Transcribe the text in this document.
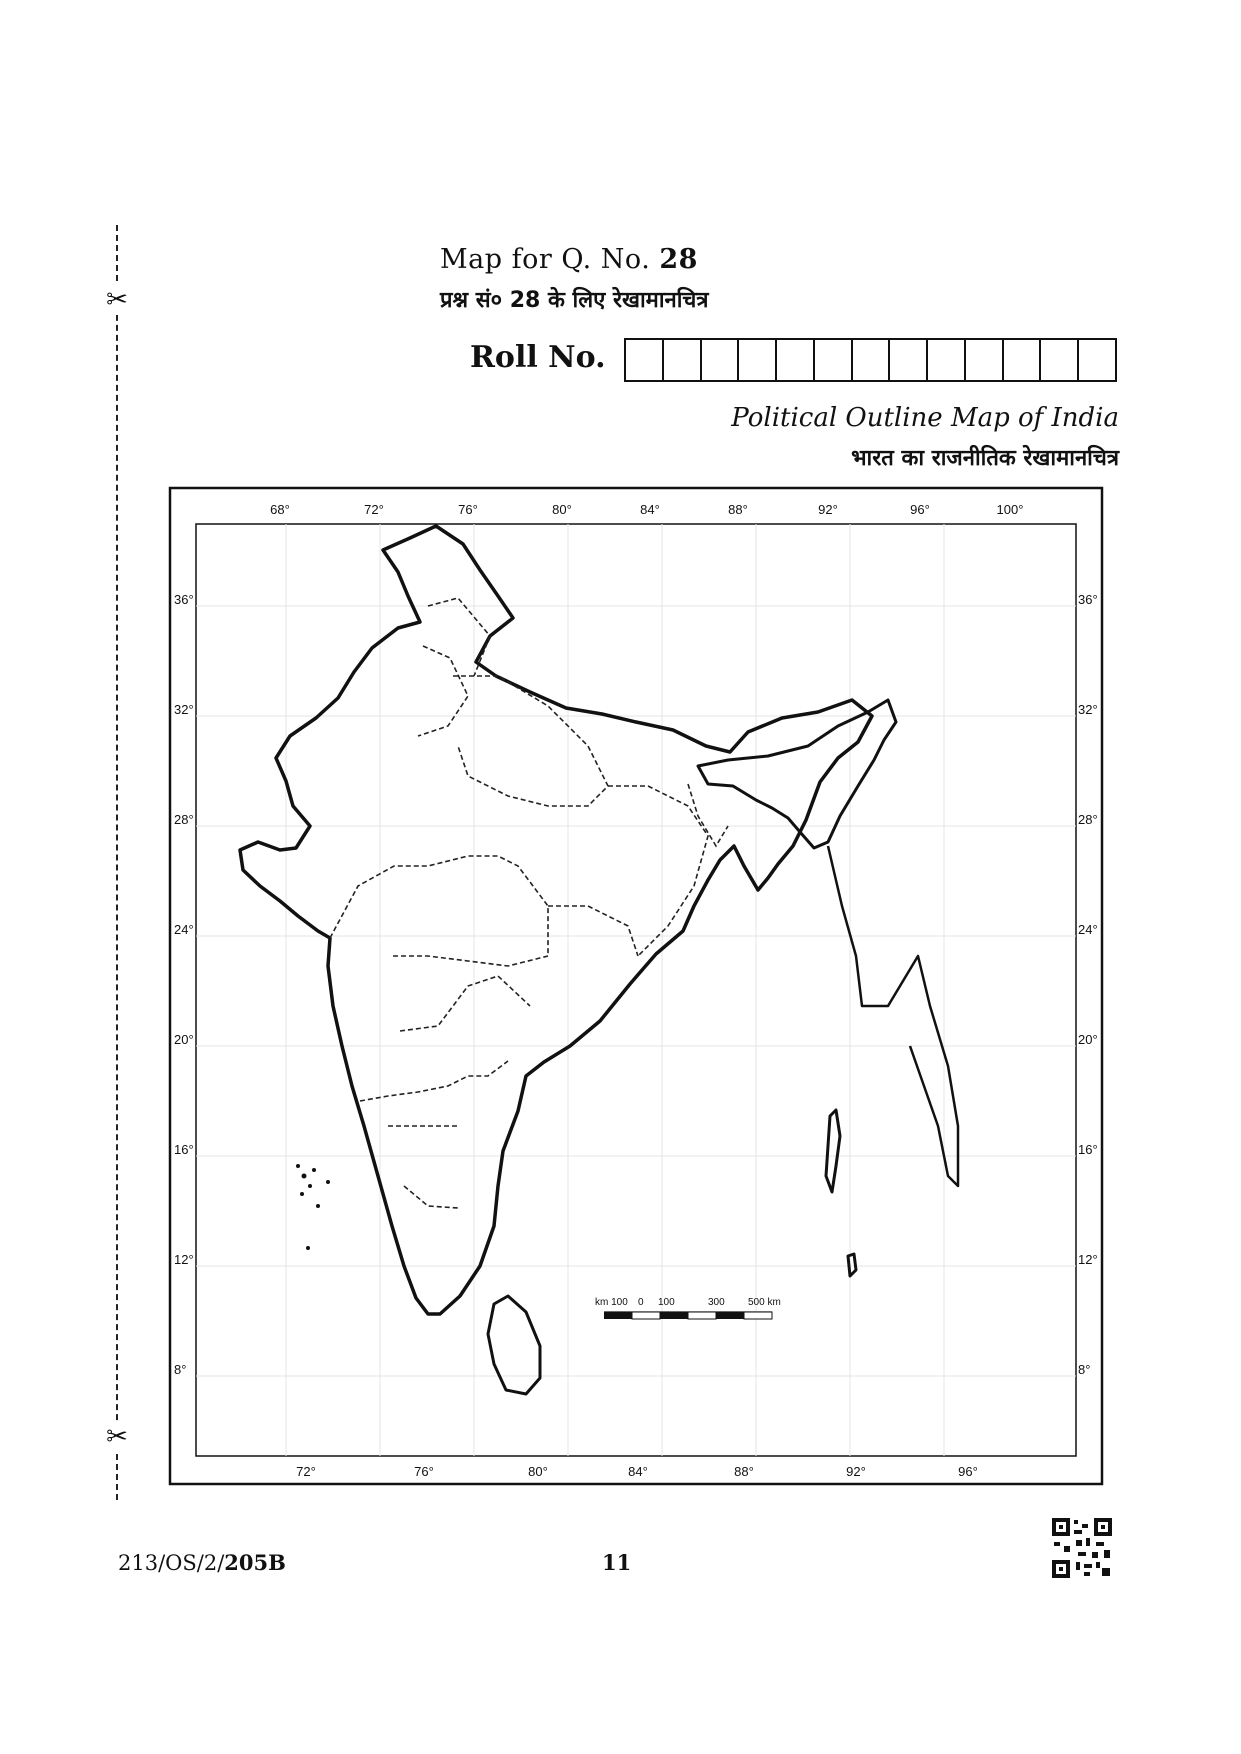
✂
✂
Map for Q. No. 28
प्रश्न सं० 28 के लिए रेखामानचित्र
Roll No.
Political Outline Map of India
भारत का राजनीतिक रेखामानचित्र
68°	72°	76°	80°	84°	88°	92°	96°	100°
72°	76°	80°	84°	88°	92°	96°
36°
32°
28°
24°
20°
16°
12°
8°
36°
32°
28°
24°
20°
16°
12°
8°
km 100 0 100	300 500 km
213/OS/2/205B	11
